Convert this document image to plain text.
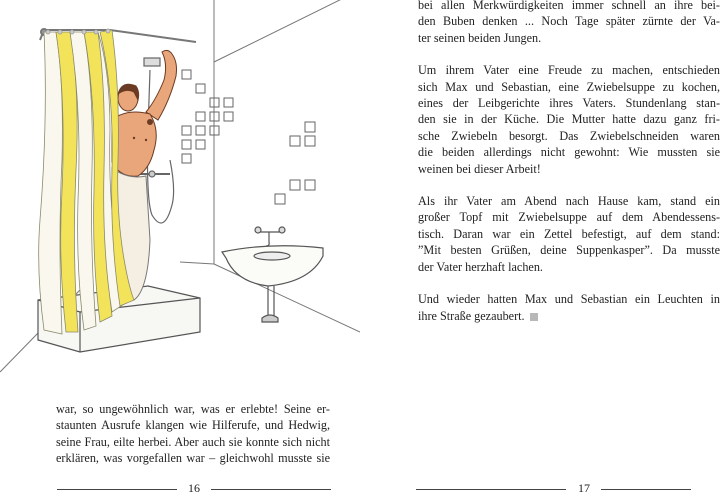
war, so ungewöhnlich war, was er erlebte! Seine er-
staunten Ausrufe klangen wie Hilferufe, und Hedwig,
seine Frau, eilte herbei. Aber auch sie konnte sich nicht
erklären, was vorgefallen war – gleichwohl musste sie
16
bei allen Merkwürdigkeiten immer schnell an ihre bei-
den Buben denken ... Noch Tage später zürnte der Va-
ter seinen beiden Jungen.
Um ihrem Vater eine Freude zu machen, entschieden
sich Max und Sebastian, eine Zwiebelsuppe zu kochen,
eines der Leibgerichte ihres Vaters. Stundenlang stan-
den sie in der Küche. Die Mutter hatte dazu ganz fri-
sche Zwiebeln besorgt. Das Zwiebelschneiden waren
die beiden allerdings nicht gewohnt: Wie mussten sie
weinen bei dieser Arbeit!
Als ihr Vater am Abend nach Hause kam, stand ein
großer Topf mit Zwiebelsuppe auf dem Abendessens-
tisch. Daran war ein Zettel befestigt, auf dem stand:
”Mit besten Grüßen, deine Suppenkasper”. Da musste
der Vater herzhaft lachen.
Und wieder hatten Max und Sebastian ein Leuchten in
ihre Straße gezaubert.
17
